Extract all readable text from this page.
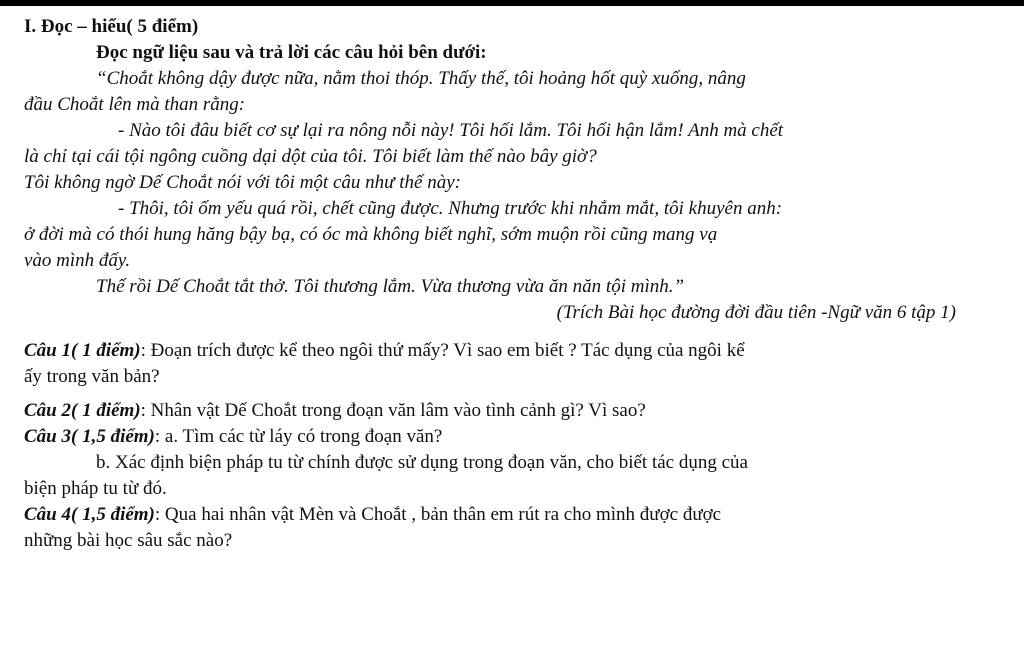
I. Đọc – hiểu( 5 điểm)
Đọc ngữ liệu sau và trả lời các câu hỏi bên dưới:
“Choắt không dậy được nữa, nằm thoi thóp. Thấy thế, tôi hoảng hốt quỳ xuống, nâng
đầu Choắt lên mà than rằng:
- Nào tôi đâu biết cơ sự lại ra nông nỗi này! Tôi hối lắm. Tôi hối hận lắm! Anh mà chết
là chỉ tại cái tội ngông cuồng dại dột của tôi. Tôi biết làm thế nào bây giờ?
Tôi không ngờ Dế Choắt nói với tôi một câu như thế này:
- Thôi, tôi ốm yếu quá rồi, chết cũng được. Nhưng trước khi nhắm mắt, tôi khuyên anh:
ở đời mà có thói hung hăng bậy bạ, có óc mà không biết nghĩ, sớm muộn rồi cũng mang vạ
vào mình đấy.
Thế rồi Dế Choắt tắt thở. Tôi thương lắm. Vừa thương vừa ăn năn tội mình.”
(Trích Bài học đường đời đầu tiên -Ngữ văn 6 tập 1)
Câu 1( 1 điểm): Đoạn trích được kể theo ngôi thứ mấy? Vì sao em biết ? Tác dụng của ngôi kể
ấy trong văn bản?
Câu 2( 1 điểm): Nhân vật Dế Choắt trong đoạn văn lâm vào tình cảnh gì? Vì sao?
Câu 3( 1,5 điểm): a. Tìm các từ láy có trong đoạn văn?
b. Xác định biện pháp tu từ chính được sử dụng trong đoạn văn, cho biết tác dụng của
biện pháp tu từ đó.
Câu 4( 1,5 điểm): Qua hai nhân vật Mèn và Choắt , bản thân em rút ra cho mình được được
những bài học sâu sắc nào?
